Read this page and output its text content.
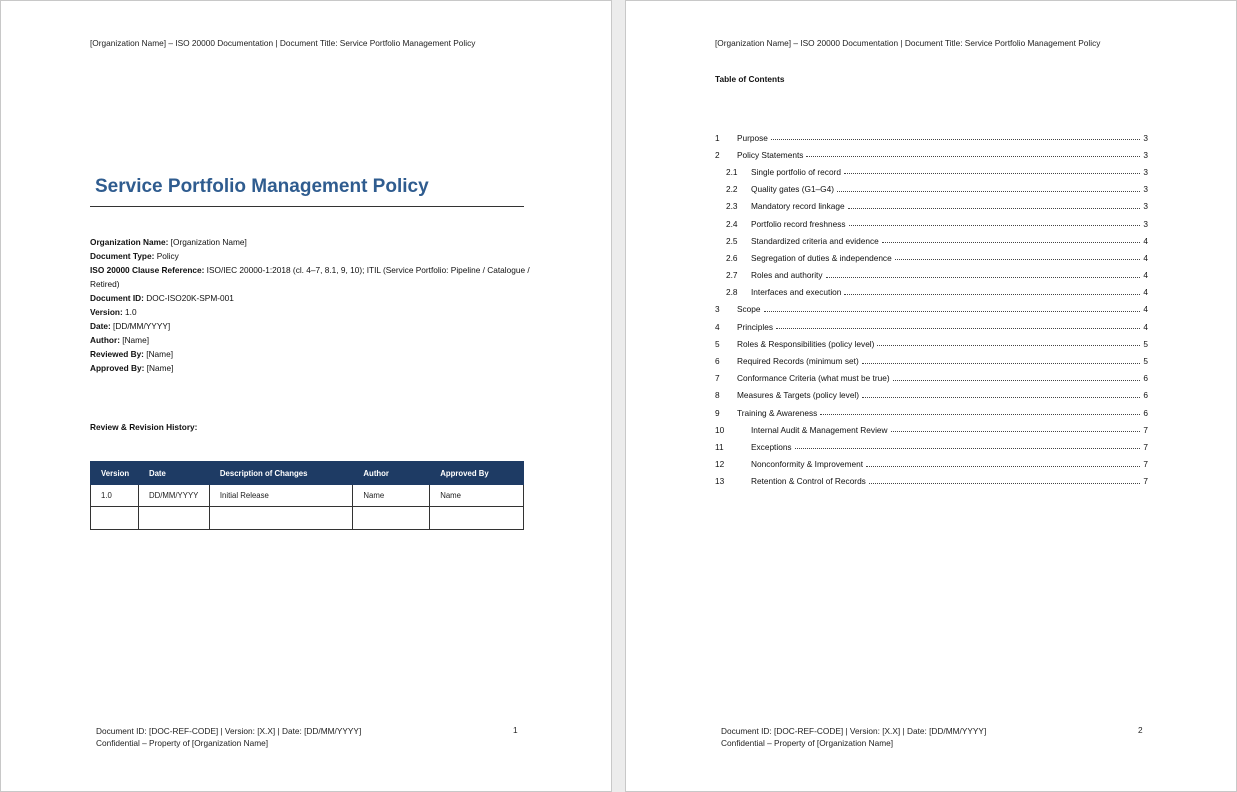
[Organization Name] – ISO 20000 Documentation | Document Title: Service Portfolio Management Policy
Service Portfolio Management Policy
Organization Name: [Organization Name]
Document Type: Policy
ISO 20000 Clause Reference: ISO/IEC 20000-1:2018 (cl. 4–7, 8.1, 9, 10); ITIL (Service Portfolio: Pipeline / Catalogue / Retired)
Document ID: DOC-ISO20K-SPM-001
Version: 1.0
Date: [DD/MM/YYYY]
Author: [Name]
Reviewed By: [Name]
Approved By: [Name]
Review & Revision History:
Version	Date	Description of Changes	Author	Approved By
1.0	DD/MM/YYYY	Initial Release	Name	Name

Document ID: [DOC-REF-CODE] | Version: [X.X] | Date: [DD/MM/YYYY]
Confidential – Property of [Organization Name]
1
[Organization Name] – ISO 20000 Documentation | Document Title: Service Portfolio Management Policy
Table of Contents
1 Purpose	3
2 Policy Statements	3
2.1 Single portfolio of record	3
2.2 Quality gates (G1–G4)	3
2.3 Mandatory record linkage	3
2.4 Portfolio record freshness	3
2.5 Standardized criteria and evidence	4
2.6 Segregation of duties & independence	4
2.7 Roles and authority	4
2.8 Interfaces and execution	4
3 Scope	4
4 Principles	4
5 Roles & Responsibilities (policy level)	5
6 Required Records (minimum set)	5
7 Conformance Criteria (what must be true)	6
8 Measures & Targets (policy level)	6
9 Training & Awareness	6
10	Internal Audit & Management Review	7
11	Exceptions	7
12	Nonconformity & Improvement	7
13	Retention & Control of Records	7
Document ID: [DOC-REF-CODE] | Version: [X.X] | Date: [DD/MM/YYYY]
Confidential – Property of [Organization Name]
2
